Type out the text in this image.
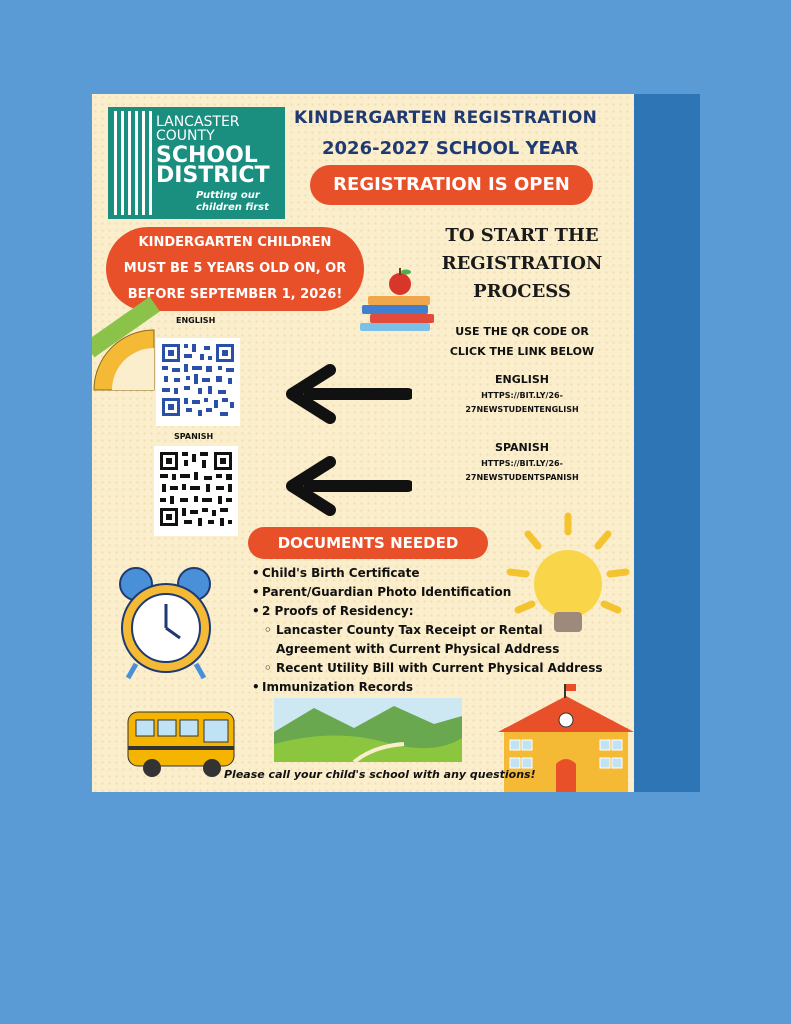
LANCASTER
COUNTY
SCHOOL
DISTRICT
Putting our
children first
KINDERGARTEN REGISTRATION
2026-2027 SCHOOL YEAR
REGISTRATION IS OPEN
KINDERGARTEN CHILDREN
MUST BE 5 YEARS OLD ON, OR
BEFORE SEPTEMBER 1, 2026!
TO START THE
REGISTRATION
PROCESS
USE THE QR CODE OR
CLICK THE LINK BELOW
ENGLISH
SPANISH
ENGLISH
HTTPS://BIT.LY/26-
27NEWSTUDENTENGLISH
SPANISH
HTTPS://BIT.LY/26-
27NEWSTUDENTSPANISH
DOCUMENTS NEEDED
• Child's Birth Certificate
• Parent/Guardian Photo Identification
• 2 Proofs of Residency:
◦ Lancaster County Tax Receipt or Rental
Agreement with Current Physical Address
◦ Recent Utility Bill with Current Physical Address
• Immunization Records
Please call your child's school with any questions!
